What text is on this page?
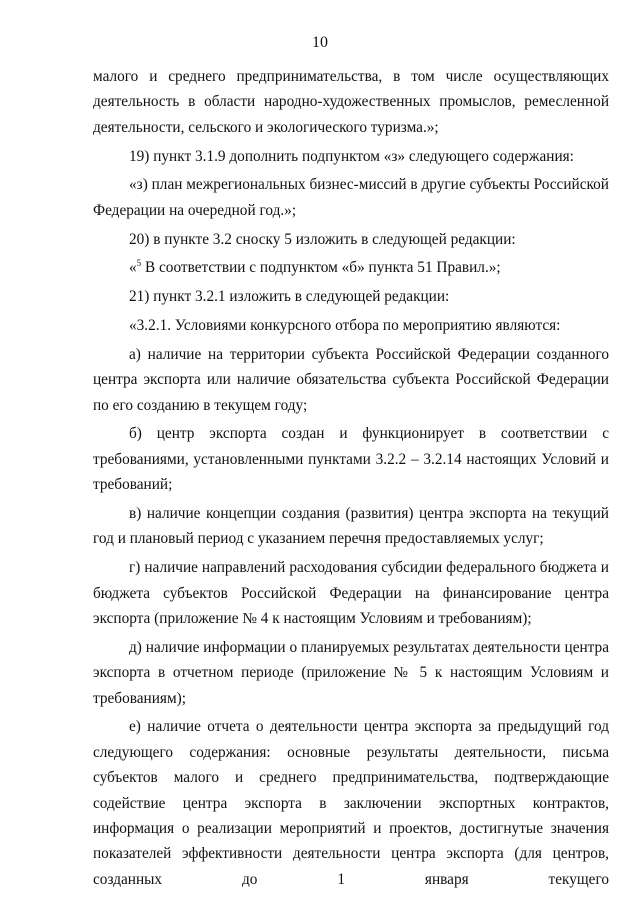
10

малого и среднего предпринимательства, в том числе осуществляющих деятельность в области народно-художественных промыслов, ремесленной деятельности, сельского и экологического туризма.»;

19) пункт 3.1.9 дополнить подпунктом «з» следующего содержания:

«з) план межрегиональных бизнес-миссий в другие субъекты Российской Федерации на очередной год.»;

20) в пункте 3.2 сноску 5 изложить в следующей редакции:

«$^5$ В соответствии с подпунктом «б» пункта 51 Правил.»;

21) пункт 3.2.1 изложить в следующей редакции:

«3.2.1. Условиями конкурсного отбора по мероприятию являются:

а) наличие на территории субъекта Российской Федерации созданного центра экспорта или наличие обязательства субъекта Российской Федерации по его созданию в текущем году;

б) центр экспорта создан и функционирует в соответствии с требованиями, установленными пунктами 3.2.2 – 3.2.14 настоящих Условий и требований;

в) наличие концепции создания (развития) центра экспорта на текущий год и плановый период с указанием перечня предоставляемых услуг;

г) наличие направлений расходования субсидии федерального бюджета и бюджета субъектов Российской Федерации на финансирование центра экспорта (приложение № 4 к настоящим Условиям и требованиям);

д) наличие информации о планируемых результатах деятельности центра экспорта в отчетном периоде (приложение № 5 к настоящим Условиям и требованиям);

е) наличие отчета о деятельности центра экспорта за предыдущий год следующего содержания: основные результаты деятельности, письма субъектов малого и среднего предпринимательства, подтверждающие содействие центра экспорта в заключении экспортных контрактов, информация о реализации мероприятий и проектов, достигнутые значения показателей эффективности деятельности центра экспорта (для центров, созданных до 1 января текущего
